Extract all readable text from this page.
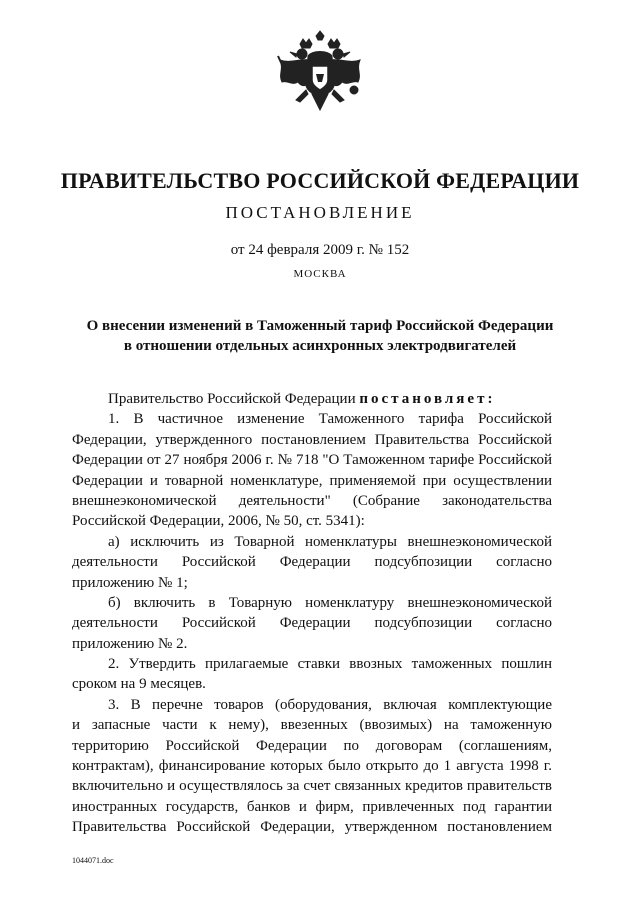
ПРАВИТЕЛЬСТВО РОССИЙСКОЙ ФЕДЕРАЦИИ
ПОСТАНОВЛЕНИЕ
от 24 февраля 2009 г. № 152
МОСКВА
О внесении изменений в Таможенный тариф Российской Федерации
в отношении отдельных асинхронных электродвигателей
Правительство Российской Федерации постановляет:
1. В частичное изменение Таможенного тарифа Российской
Федерации, утвержденного постановлением Правительства Российской
Федерации от 27 ноября 2006 г. № 718 "О Таможенном тарифе Российской
Федерации и товарной номенклатуре, применяемой при осуществлении
внешнеэкономической деятельности" (Собрание законодательства
Российской Федерации, 2006, № 50, ст. 5341):
а) исключить из Товарной номенклатуры внешнеэкономической
деятельности Российской Федерации подсубпозиции согласно
приложению № 1;
б) включить в Товарную номенклатуру внешнеэкономической
деятельности Российской Федерации подсубпозиции согласно
приложению № 2.
2. Утвердить прилагаемые ставки ввозных таможенных пошлин
сроком на 9 месяцев.
3. В перечне товаров (оборудования, включая комплектующие
и запасные части к нему), ввезенных (ввозимых) на таможенную
территорию Российской Федерации по договорам (соглашениям,
контрактам), финансирование которых было открыто до 1 августа 1998 г.
включительно и осуществлялось за счет связанных кредитов правительств
иностранных государств, банков и фирм, привлеченных под гарантии
Правительства Российской Федерации, утвержденном постановлением
1044071.doc
